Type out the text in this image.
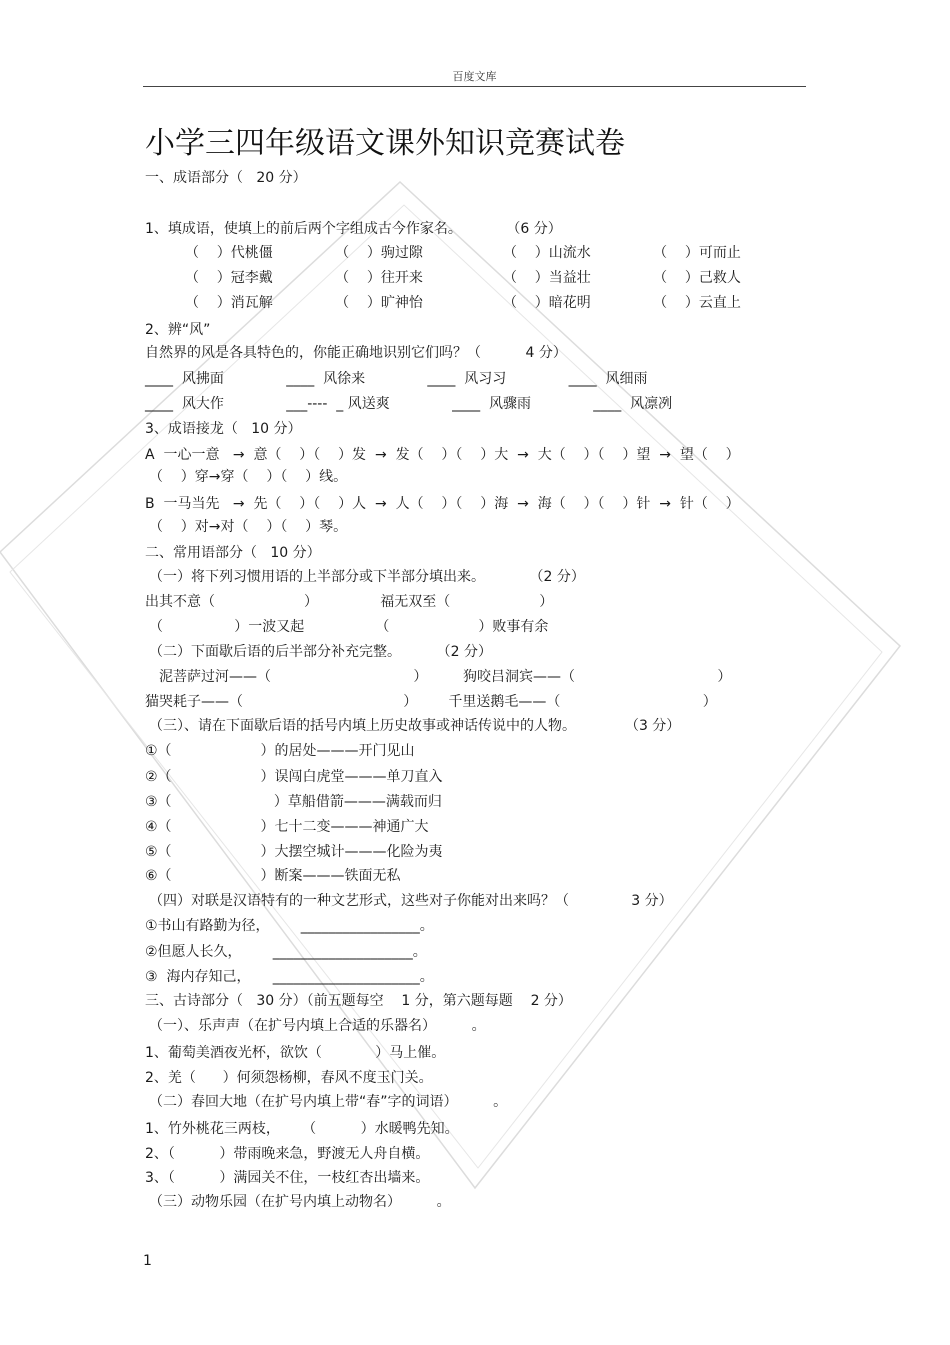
百度文库
小学三四年级语文课外知识竞赛试卷
一、成语部分（   20 分）
1、填成语，使填上的前后两个字组成古今作家名。          （6 分）
（    ）代桃僵              （    ）驹过隙                  （    ）山流水              （    ）可而止
（    ）冠李戴              （    ）往开来                  （    ）当益壮              （    ）己救人
（    ）消瓦解              （    ）旷神怡                  （    ）暗花明              （    ）云直上
2、辨“风”
自然界的风是各具特色的，你能正确地识别它们吗？（          4 分）
____  风拂面              ____  风徐来              ____  风习习              ____  风细雨
____  风大作              ___----  _ 风送爽              ____  风骤雨              ____  风凛冽
3、成语接龙（   10 分）
A  一心一意   →  意（    ）（    ）发  →  发（    ）（    ）大  →  大（    ）（    ）望  →  望（    ）
（    ）穿→穿（    ）（    ）线。
B  一马当先   →  先（    ）（    ）人  →  人（    ）（    ）海  →  海（    ）（    ）针  →  针（    ）
（    ）对→对（    ）（    ）琴。
二、常用语部分（   10 分）
（一）将下列习惯用语的上半部分或下半部分填出来。          （2 分）
出其不意（                    ）              福无双至（                    ）
（                ）一波又起                （                    ）败事有余
（二）下面歇后语的后半部分补充完整。        （2 分）
泥菩萨过河——（                                ）        狗咬吕洞宾——（                                ）
猫哭耗子——（                                    ）       千里送鹅毛——（                                ）
（三）、请在下面歇后语的括号内填上历史故事或神话传说中的人物。           （3 分）
①（                    ）的居处———开门见山
②（                    ）误闯白虎堂———单刀直入
③（                       ）草船借箭———满载而归
④（                    ）七十二变———神通广大
⑤（                    ）大摆空城计———化险为夷
⑥（                    ）断案———铁面无私
（四）对联是汉语特有的一种文艺形式，这些对子你能对出来吗？（              3 分）
①书山有路勤为径，       _________________。
②但愿人长久，       ____________________。
③  海内存知己，     _____________________。
三、古诗部分（   30 分）（前五题每空    1 分，第六题每题    2 分）
（一）、乐声声（在扩号内填上合适的乐器名）        。
1、葡萄美酒夜光杯，欲饮（            ）马上催。
2、羌（      ）何须怨杨柳，春风不度玉门关。
（二）春回大地（在扩号内填上带“春”字的词语）        。
1、竹外桃花三两枝，     （          ）水暖鸭先知。
2、（          ）带雨晚来急，野渡无人舟自横。
3、（          ）满园关不住，一枝红杏出墙来。
（三）动物乐园（在扩号内填上动物名）        。
1
